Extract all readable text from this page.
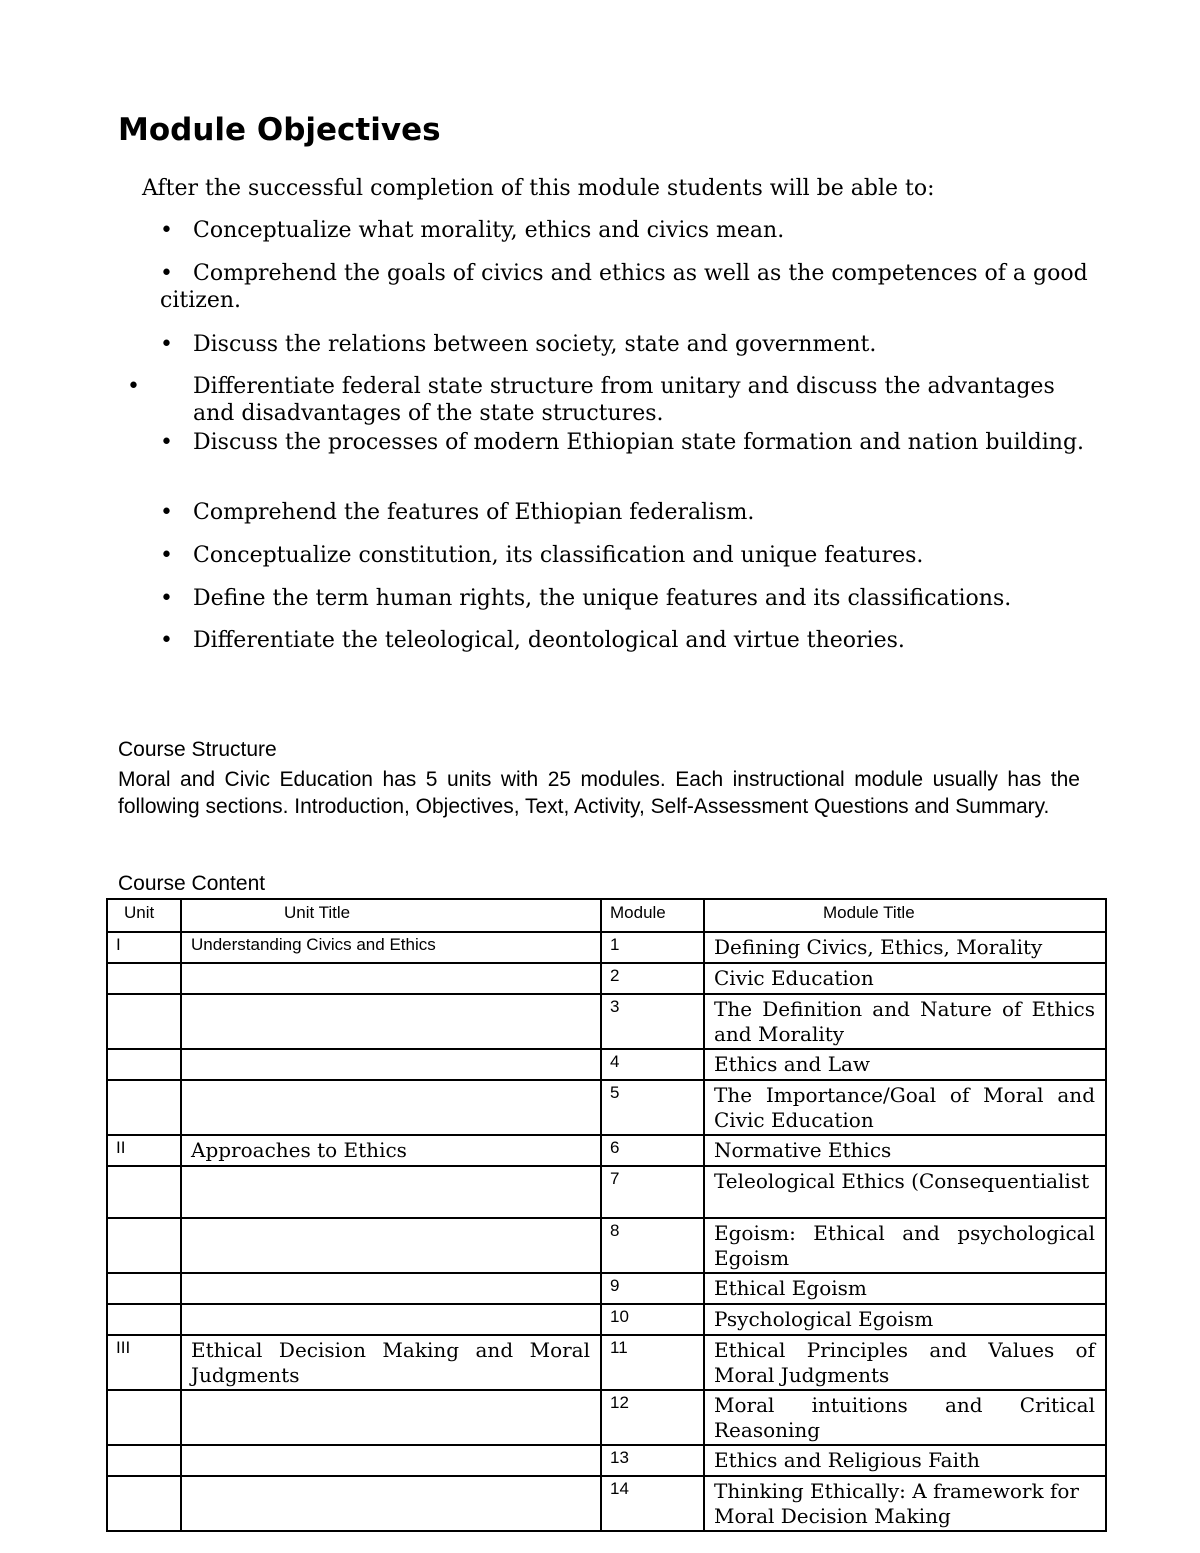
Module Objectives
After the successful completion of this module students will be able to:
• Conceptualize what morality, ethics and civics mean.
• Comprehend the goals of civics and ethics as well as the competences of a good citizen.
• Discuss the relations between society, state and government.
• Differentiate federal state structure from unitary and discuss the advantages and disadvantages of the state structures.
• Discuss the processes of modern Ethiopian state formation and nation building.
• Comprehend the features of Ethiopian federalism.
• Conceptualize constitution, its classification and unique features.
• Define the term human rights, the unique features and its classifications.
• Differentiate the teleological, deontological and virtue theories.
Course Structure
Moral and Civic Education has 5 units with 25 modules. Each instructional module usually has the following sections. Introduction, Objectives, Text, Activity, Self-Assessment Questions and Summary.
Course Content
Unit	Unit Title	Module	Module Title
I	Understanding Civics and Ethics	1	Defining Civics, Ethics, Morality
		2	Civic Education
		3	The Definition and Nature of Ethics and Morality
		4	Ethics and Law
		5	The Importance/Goal of Moral and Civic Education
II	Approaches to Ethics	6	Normative Ethics
		7	Teleological Ethics (Consequentialist
		8	Egoism: Ethical and psychological Egoism
		9	Ethical Egoism
		10	Psychological Egoism
III	Ethical Decision Making and Moral Judgments	11	Ethical Principles and Values of Moral Judgments
		12	Moral intuitions and Critical Reasoning
		13	Ethics and Religious Faith
		14	Thinking Ethically: A framework for Moral Decision Making
